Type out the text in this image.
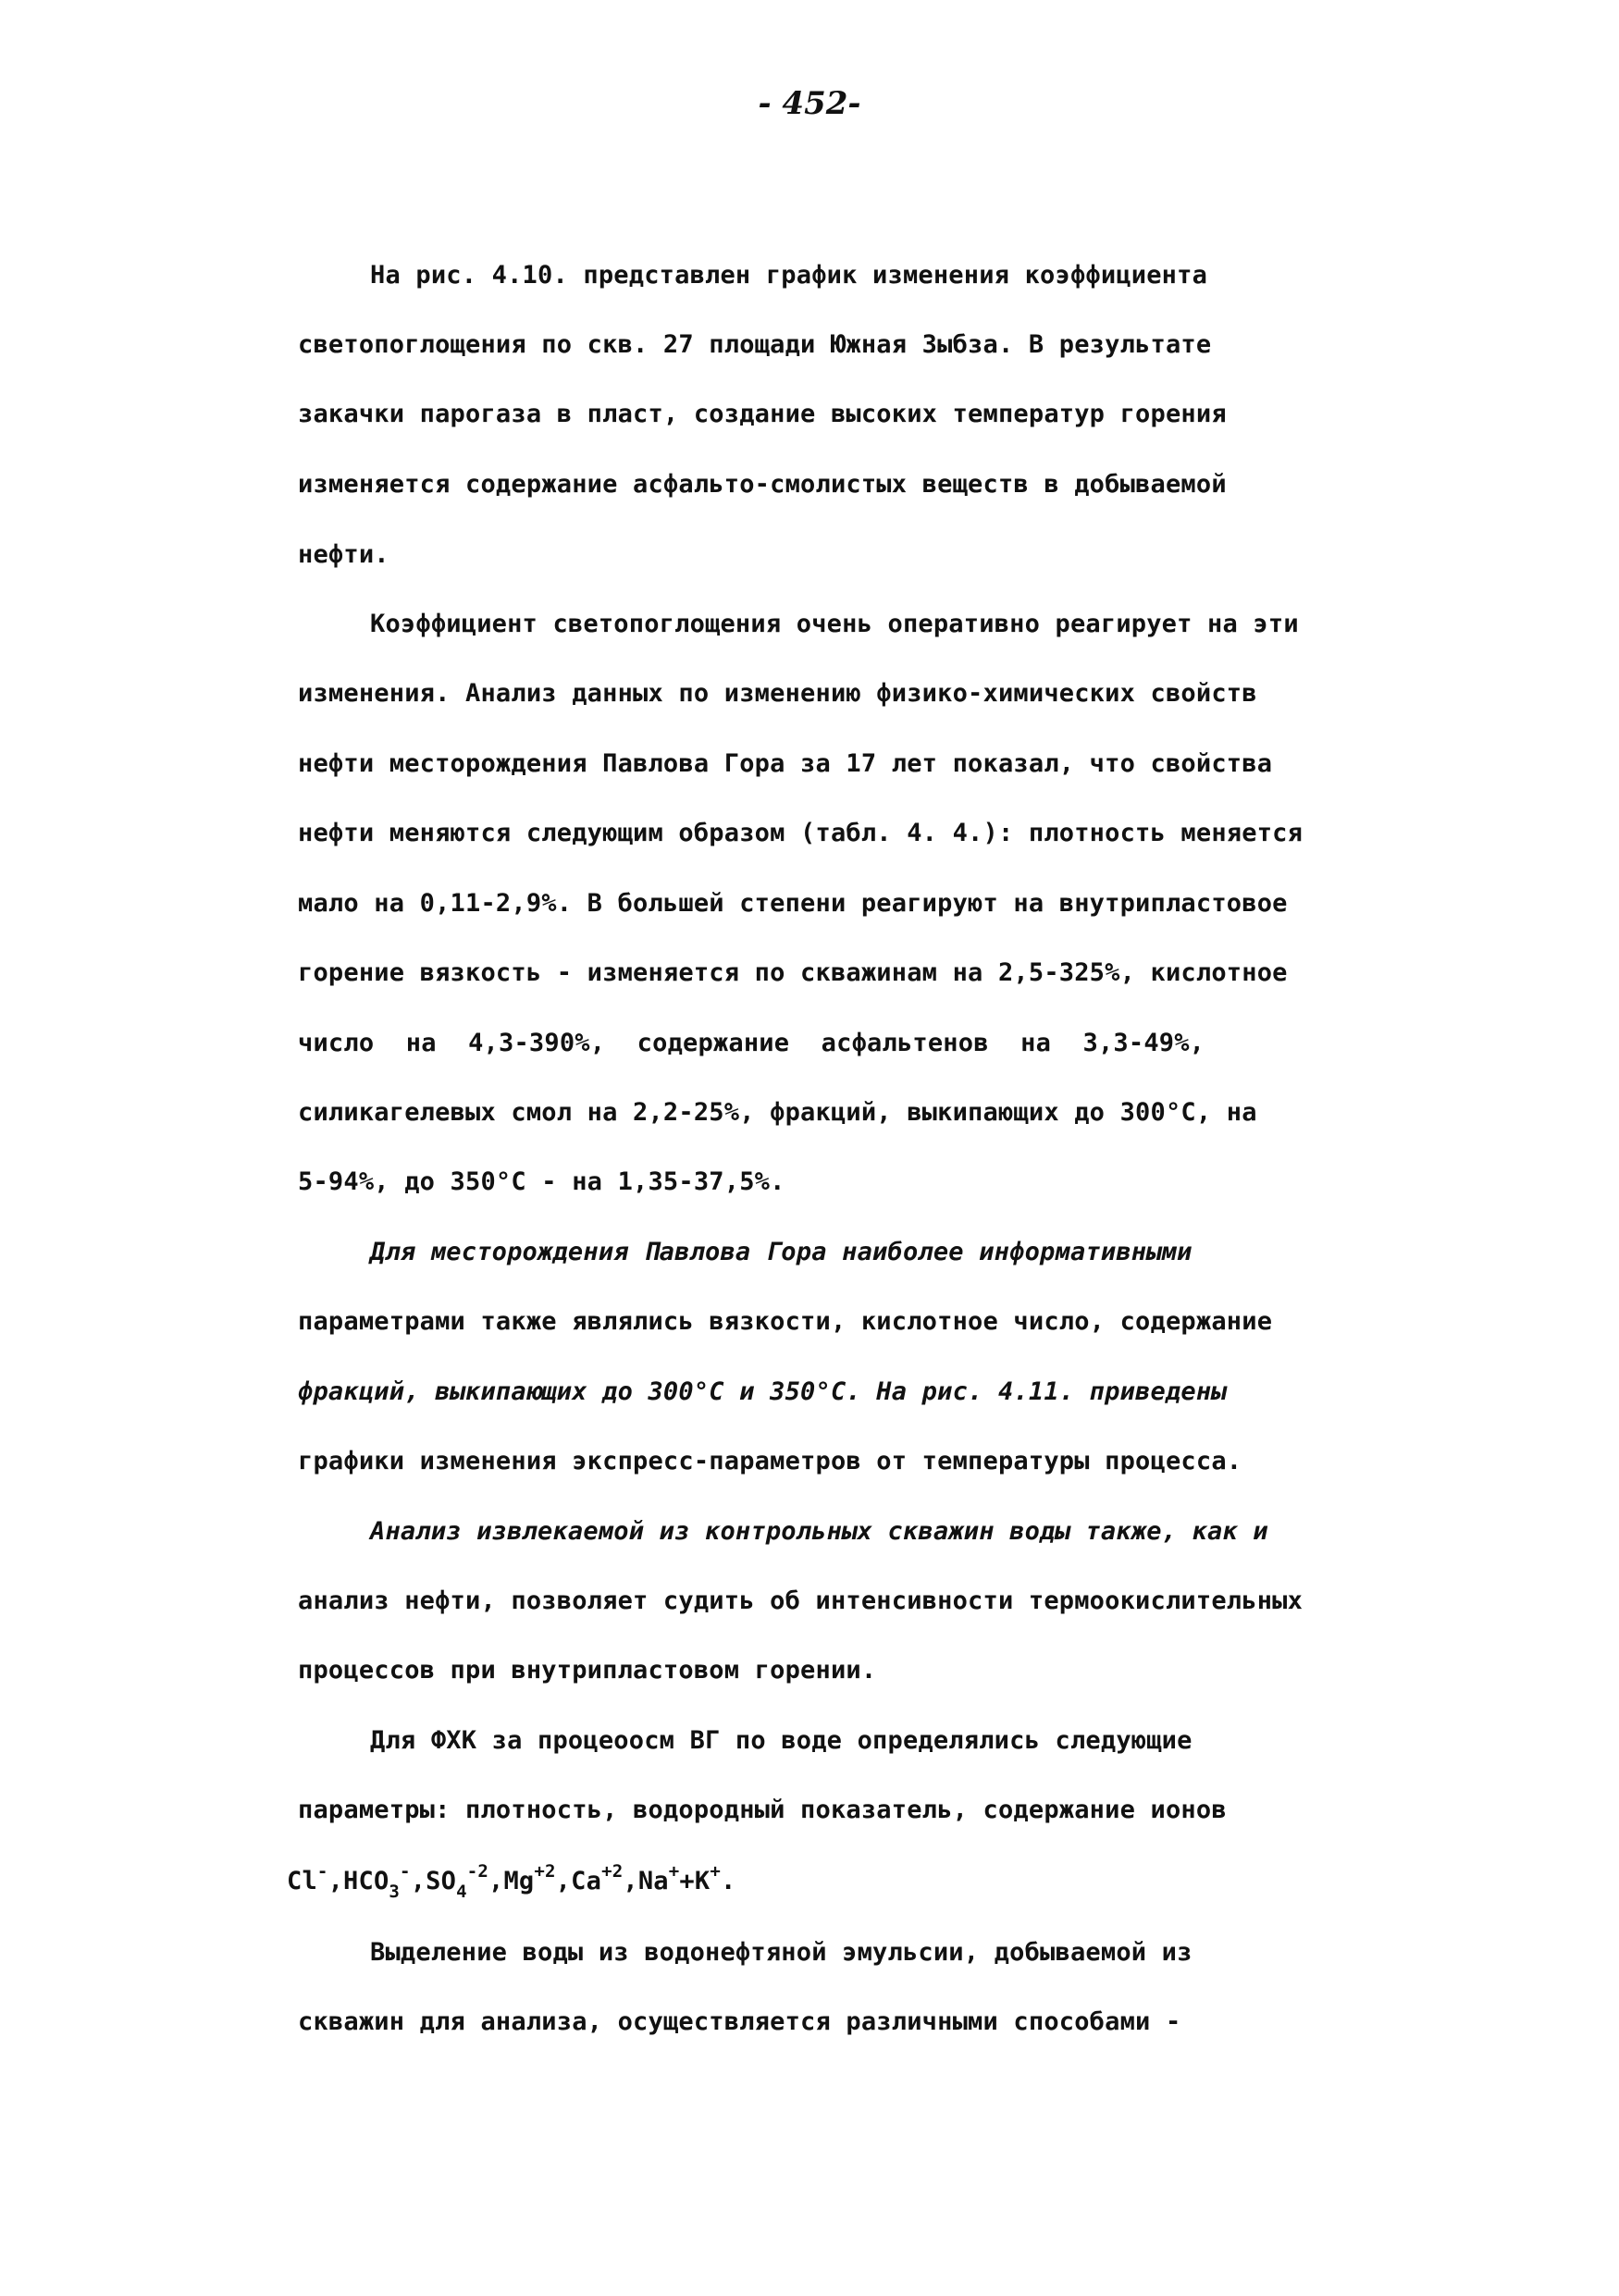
- 452-
На рис. 4.10. представлен график изменения коэффициента
светопоглощения по скв. 27 площади Южная Зыбза. В результате
закачки парогаза в пласт, создание высоких температур горения
изменяется содержание асфальто-смолистых веществ в добываемой
нефти.
Коэффициент светопоглощения очень оперативно реагирует на эти
изменения. Анализ данных по изменению физико-химических свойств
нефти месторождения Павлова Гора за 17 лет показал, что свойства
нефти меняются следующим образом (табл. 4. 4.): плотность меняется
мало на 0,11-2,9%. В большей степени реагируют на внутрипластовое
горение вязкость - изменяется по скважинам на 2,5-325%, кислотное
число на 4,3-390%, содержание асфальтенов на 3,3-49%,
силикагелевых смол на 2,2-25%, фракций, выкипающих до 300°С, на
5-94%, до 350°С - на 1,35-37,5%.
Для месторождения Павлова Гора наиболее информативными
параметрами также являлись вязкости, кислотное число, содержание
фракций, выкипающих до 300°С и 350°С. На рис. 4.11. приведены
графики изменения экспресс-параметров от температуры процесса.
Анализ извлекаемой из контрольных скважин воды также, как и
анализ нефти, позволяет судить об интенсивности термоокислительных
процессов при внутрипластовом горении.
Для ФХК за процеоосм ВГ по воде определялись следующие
параметры: плотность, водородный показатель, содержание ионов
$Cl^-,HCO_3^-,SO_4^{-2},Mg^{+2},Ca^{+2},Na^++K^+$.
Выделение воды из водонефтяной эмульсии, добываемой из
скважин для анализа, осуществляется различными способами -
